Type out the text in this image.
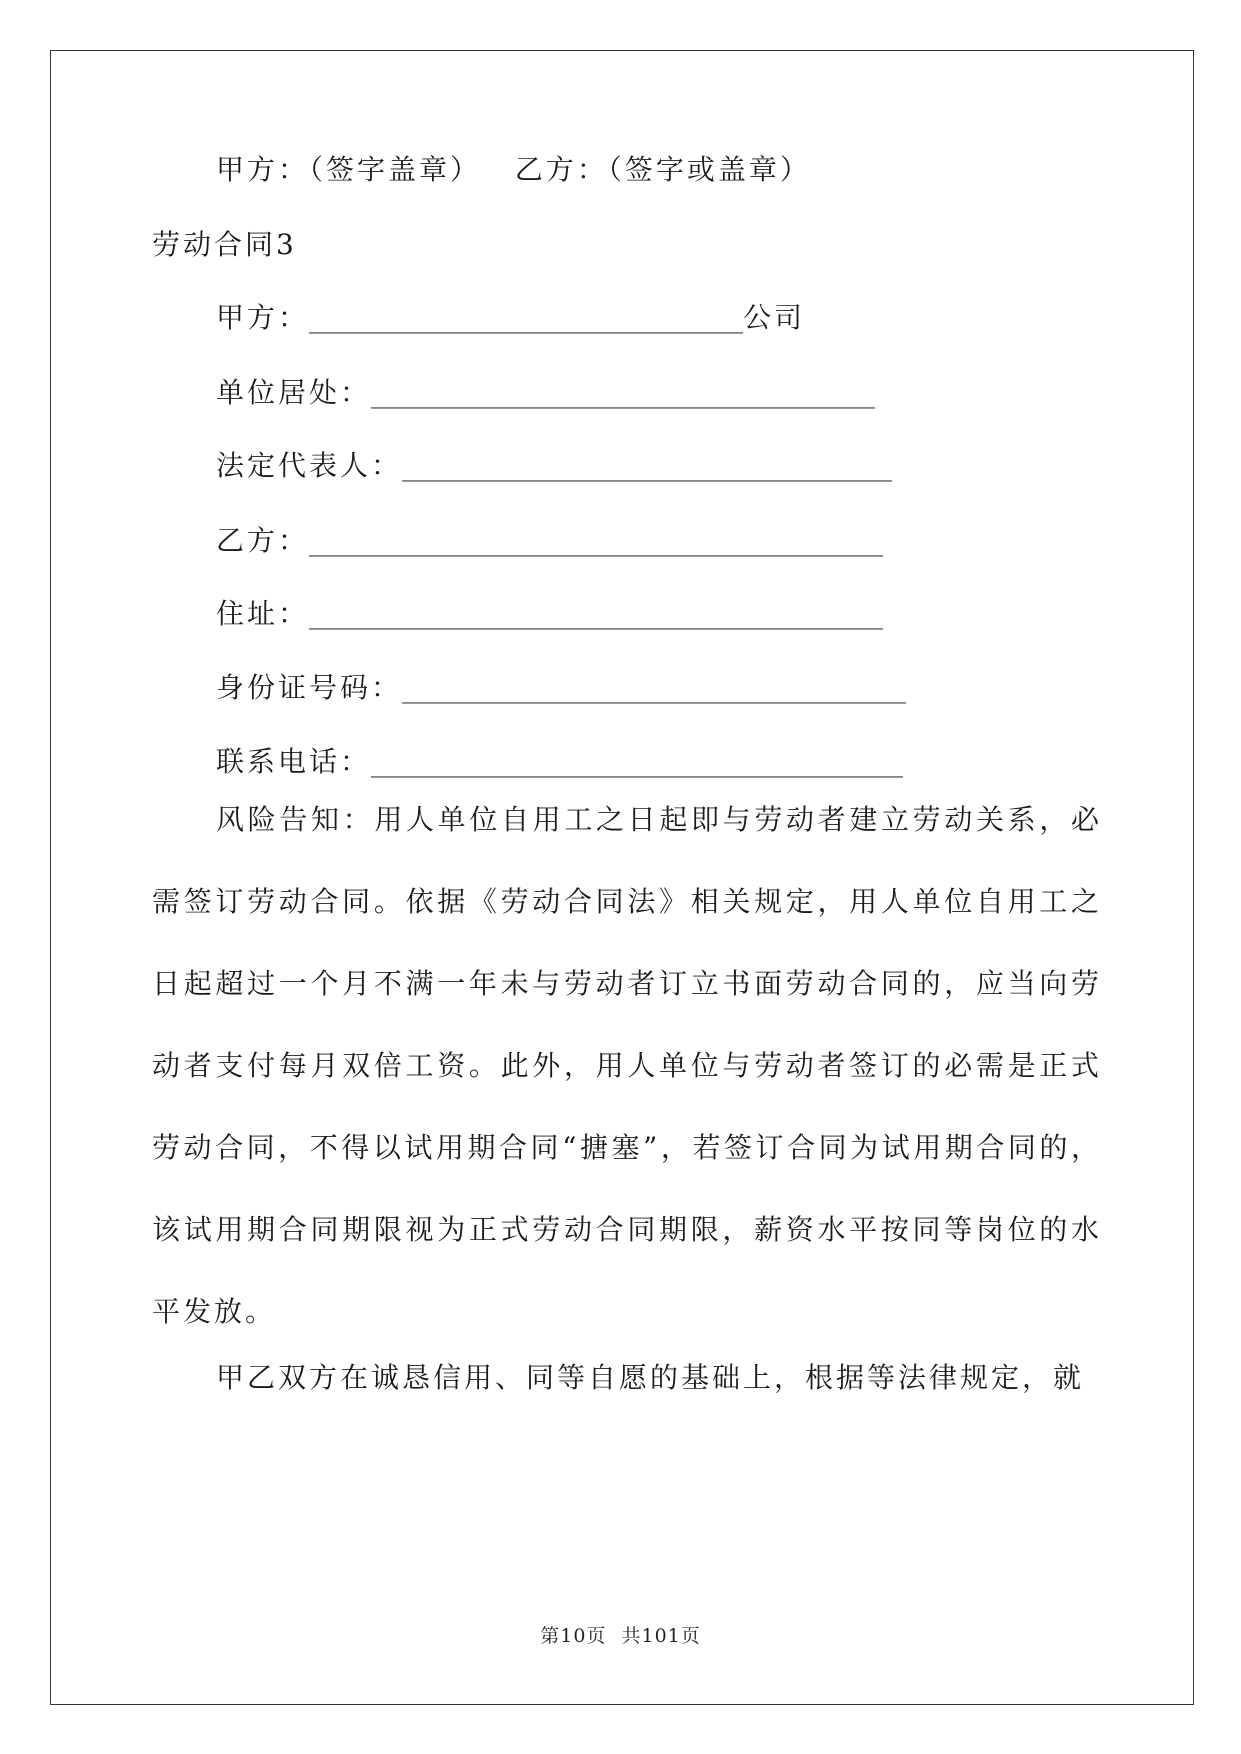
甲方：（签字盖章） 乙方：（签字或盖章）
劳动合同3
甲方：_______________________________公司
单位居处：____________________________________
法定代表人：___________________________________
乙方：_________________________________________
住址：_________________________________________
身份证号码：____________________________________
联系电话：______________________________________

风险告知：用人单位自用工之日起即与劳动者建立劳动关系，必需签订劳动合同。依据《劳动合同法》相关规定，用人单位自用工之日起超过一个月不满一年未与劳动者订立书面劳动合同的，应当向劳动者支付每月双倍工资。此外，用人单位与劳动者签订的必需是正式劳动合同，不得以试用期合同“搪塞”，若签订合同为试用期合同的，该试用期合同期限视为正式劳动合同期限，薪资水平按同等岗位的水平发放。

甲乙双方在诚恳信用、同等自愿的基础上，根据等法律规定，就

第10页 共101页
